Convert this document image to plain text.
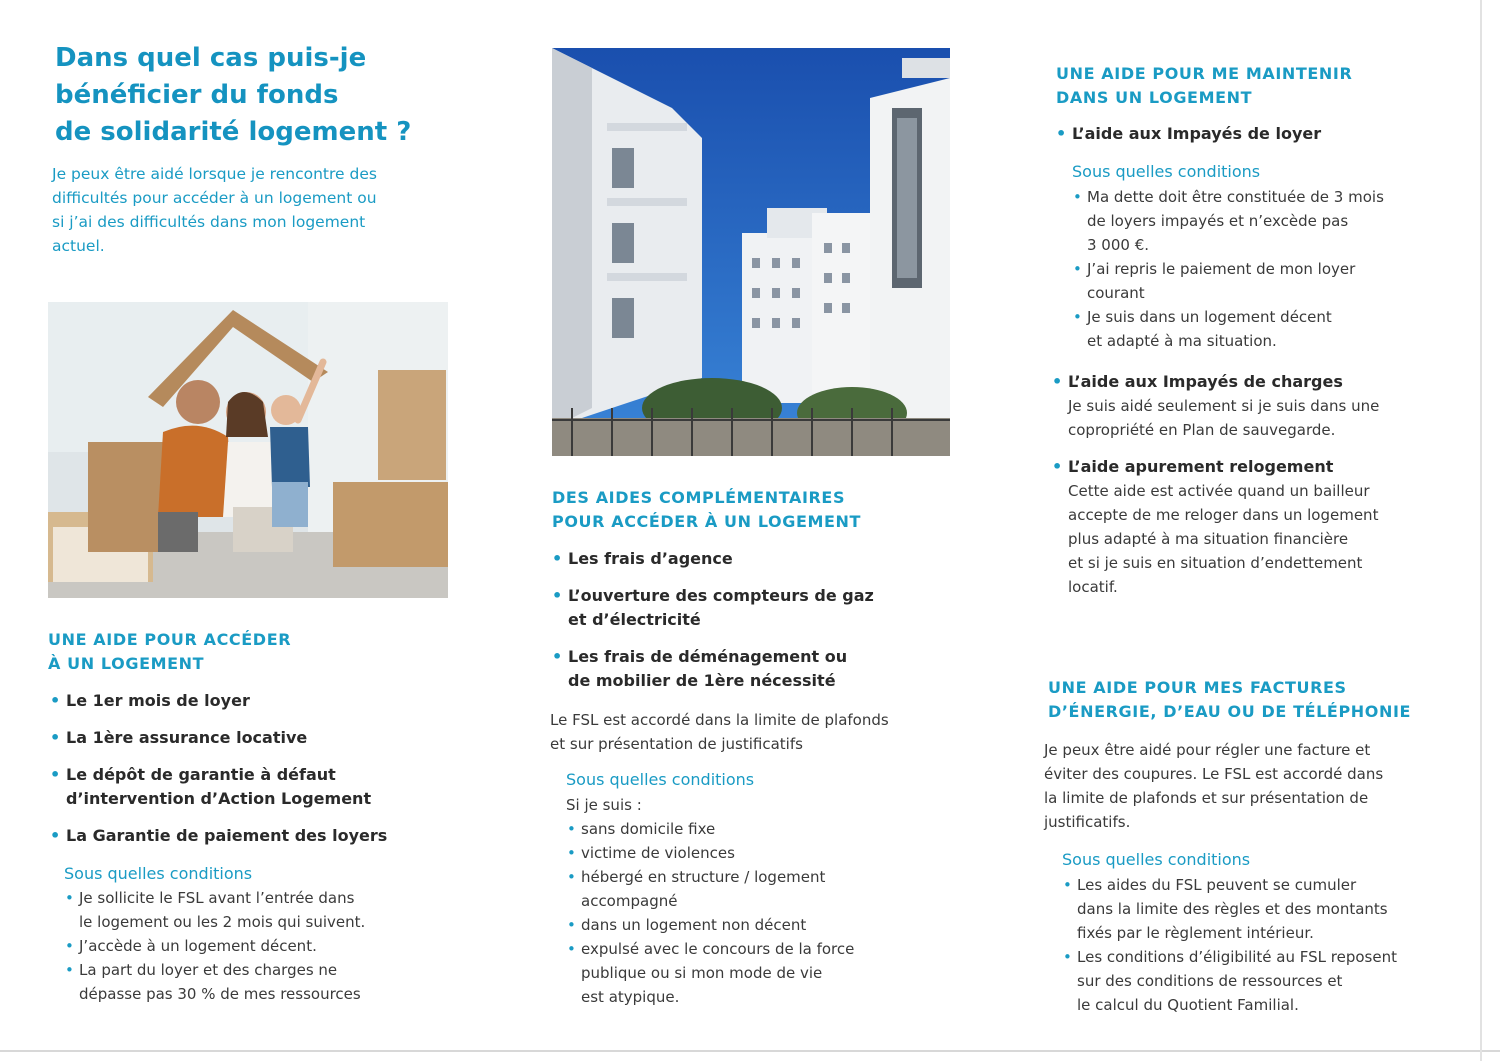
Dans quel cas puis-je
bénéficier du fonds
de solidarité logement ?
Je peux être aidé lorsque je rencontre des
difficultés pour accéder à un logement ou
si j’ai des difficultés dans mon logement
actuel.
UNE AIDE POUR ACCÉDER
À UN LOGEMENT
• Le 1er mois de loyer
• La 1ère assurance locative
• Le dépôt de garantie à défaut
d’intervention d’Action Logement
• La Garantie de paiement des loyers
Sous quelles conditions
• Je sollicite le FSL avant l’entrée dans
le logement ou les 2 mois qui suivent.
• J’accède à un logement décent.
• La part du loyer et des charges ne
dépasse pas 30 % de mes ressources
DES AIDES COMPLÉMENTAIRES
POUR ACCÉDER À UN LOGEMENT
• Les frais d’agence
• L’ouverture des compteurs de gaz
et d’électricité
• Les frais de déménagement ou
de mobilier de 1ère nécessité
Le FSL est accordé dans la limite de plafonds
et sur présentation de justificatifs
Sous quelles conditions
Si je suis :
• sans domicile fixe
• victime de violences
• hébergé en structure / logement
accompagné
• dans un logement non décent
• expulsé avec le concours de la force
publique ou si mon mode de vie
est atypique.
UNE AIDE POUR ME MAINTENIR
DANS UN LOGEMENT
• L’aide aux Impayés de loyer
Sous quelles conditions
• Ma dette doit être constituée de 3 mois
de loyers impayés et n’excède pas
3 000 €.
• J’ai repris le paiement de mon loyer
courant
• Je suis dans un logement décent
et adapté à ma situation.
• L’aide aux Impayés de charges
Je suis aidé seulement si je suis dans une
copropriété en Plan de sauvegarde.
• L’aide apurement relogement
Cette aide est activée quand un bailleur
accepte de me reloger dans un logement
plus adapté à ma situation financière
et si je suis en situation d’endettement
locatif.
UNE AIDE POUR MES FACTURES
D’ÉNERGIE, D’EAU OU DE TÉLÉPHONIE
Je peux être aidé pour régler une facture et
éviter des coupures. Le FSL est accordé dans
la limite de plafonds et sur présentation de
justificatifs.
Sous quelles conditions
• Les aides du FSL peuvent se cumuler
dans la limite des règles et des montants
fixés par le règlement intérieur.
• Les conditions d’éligibilité au FSL reposent
sur des conditions de ressources et
le calcul du Quotient Familial.
